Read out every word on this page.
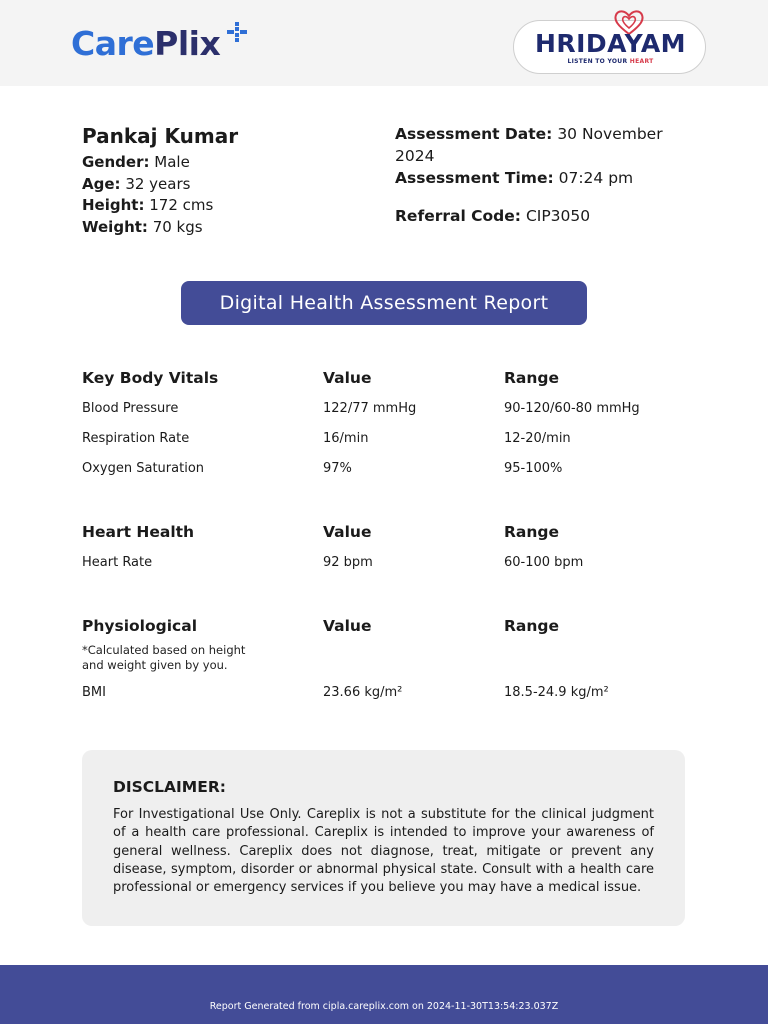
Care Plix	HRIDAYAM
LISTEN TO YOUR HEART
Pankaj Kumar
Gender: Male
Age: 32 years
Height: 172 cms
Weight: 70 kgs
Assessment Date: 30 November 2024
Assessment Time: 07:24 pm
Referral Code: CIP3050
Digital Health Assessment Report
Key Body Vitals	Value	Range
Blood Pressure	122/77 mmHg	90-120/60-80 mmHg
Respiration Rate	16/min	12-20/min
Oxygen Saturation	97%	95-100%
Heart Health	Value	Range
Heart Rate	92 bpm	60-100 bpm
Physiological	Value	Range
*Calculated based on height and weight given by you.
BMI	23.66 kg/m²	18.5-24.9 kg/m²
DISCLAIMER:
For Investigational Use Only. Careplix is not a substitute for the clinical judgment of a health care professional. Careplix is intended to improve your awareness of general wellness. Careplix does not diagnose, treat, mitigate or prevent any disease, symptom, disorder or abnormal physical state. Consult with a health care professional or emergency services if you believe you may have a medical issue.
Report Generated from cipla.careplix.com on 2024-11-30T13:54:23.037Z
